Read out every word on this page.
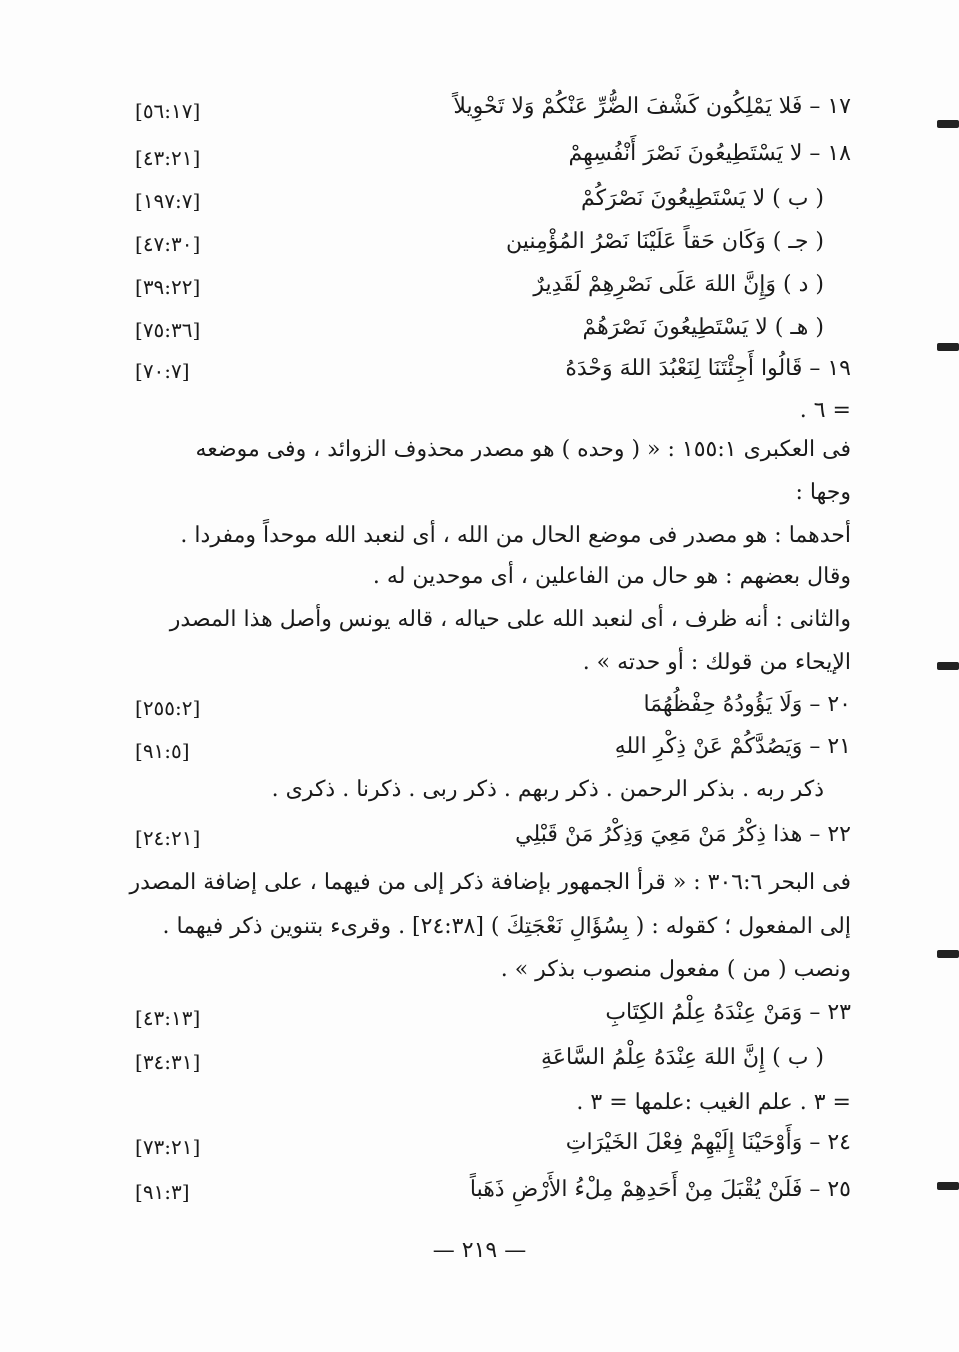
١٧ – فَلا يَمْلِكُون كَشْفَ الضُّرِّ عَنْكُمْ وَلا تَحْوِيلاً
[٥٦:١٧]
١٨ – لا يَسْتَطِيعُونَ نَصْرَ أَنْفُسِهِمْ
[٤٣:٢١]
( ب ) لا يَسْتَطِيعُونَ نَصْرَكُمْ
[١٩٧:٧]
( جـ ) وَكَان حَقاً عَلَيْنَا نَصْرُ المُؤْمِنين
[٤٧:٣٠]
( د ) وَإِنَّ اللهَ عَلَى نَصْرِهِمْ لَقَدِيرٌ
[٣٩:٢٢]
( هـ ) لا يَسْتَطِيعُونَ نَصْرَهُمْ
[٧٥:٣٦]
١٩ – قَالُوا أَجِئْتَنَا لِنَعْبُدَ اللهَ وَحْدَهُ
[٧٠:٧]
= ٦ .
فى العكبرى ١٥٥:١ : « ( وحده ) هو مصدر محذوف الزوائد ، وفى موضعه
وجها :
أحدهما : هو مصدر فى موضع الحال من الله ، أى لنعبد الله موحداً ومفردا .
وقال بعضهم : هو حال من الفاعلين ، أى موحدين له .
والثانى : أنه ظرف ، أى لنعبد الله على حياله ، قاله يونس وأصل هذا المصدر
الإيحاء من قولك : أو حدته » .
٢٠ – وَلَا يَؤُودُهُ حِفْظُهُمَا
[٢٥٥:٢]
٢١ – وَيَصُدَّكُمْ عَنْ ذِكْرِ اللهِ
[٩١:٥]
ذكر ربه . بذكر الرحمن . ذكر ربهم . ذكر ربى . ذكرنا . ذكرى .
٢٢ – هذا ذِكْرُ مَنْ مَعِيَ وَذِكْرُ مَنْ قَبْلِي
[٢٤:٢١]
فى البحر ٣٠٦:٦ : « قرأ الجمهور بإضافة ذكر إلى من فيهما ، على إضافة المصدر
إلى المفعول ؛ كقوله : ( بِسُؤَالِ نَعْجَتِكَ ) [٢٤:٣٨] . وقرىء بتنوين ذكر فيهما .
ونصب ( من ) مفعول منصوب بذكر » .
٢٣ – وَمَنْ عِنْدَهُ عِلْمُ الكِتَابِ
[٤٣:١٣]
( ب ) إِنَّ اللهَ عِنْدَهُ عِلْمُ السَّاعَةِ
[٣٤:٣١]
= ٣ . علم الغيب :علمها = ٣ .
٢٤ – وَأَوْحَيْنَا إِلَيْهِمْ فِعْلَ الخَيْرَاتِ
[٧٣:٢١]
٢٥ – فَلَنْ يُقْبَلَ مِنْ أَحَدِهِمْ مِلْءُ الأَرْضِ ذَهَباً
[٩١:٣]
— ٢١٩ —
